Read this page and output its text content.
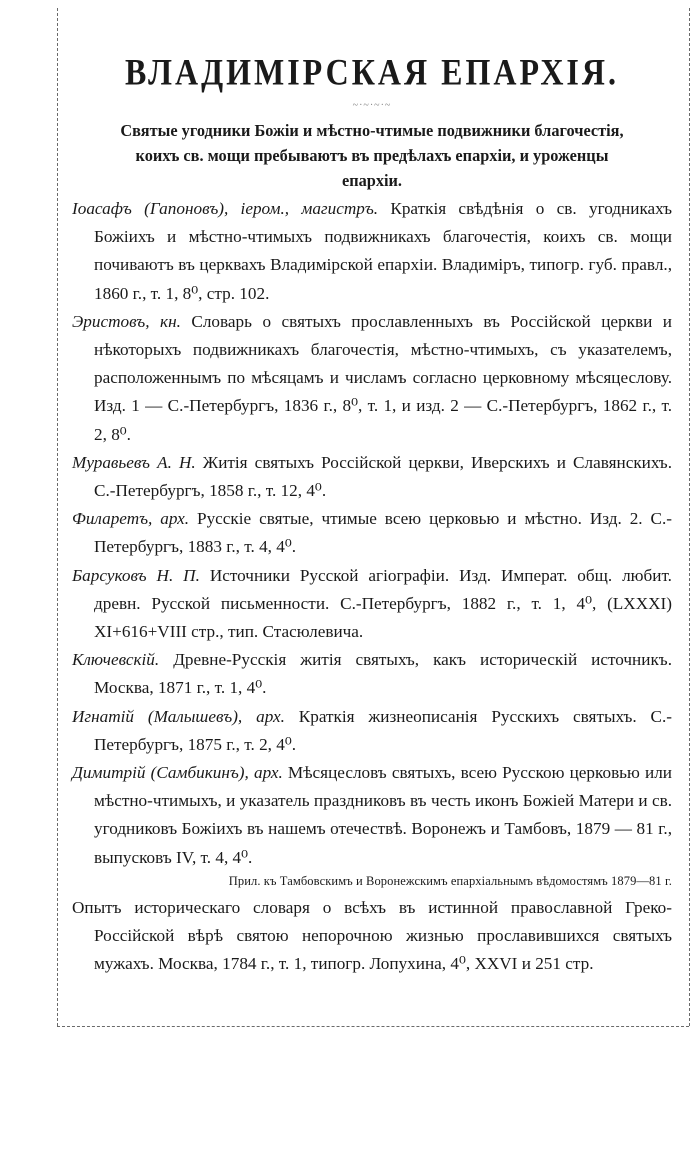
ВЛАДИМІРСКАЯ ЕПАРХІЯ.
~·~·~·~
Святые угодники Божіи и мѣстно-чтимые подвижники благочестія,
коихъ св. мощи пребываютъ въ предѣлахъ епархіи, и уроженцы
епархіи.

Іоасафъ (Гапоновъ), іером., магистръ. Краткія свѣдѣнія о св. угодникахъ Божіихъ и мѣстно-чтимыхъ подвижникахъ благочестія, коихъ св. мощи почиваютъ въ церквахъ Владимірской епархіи. Владиміръ, типогр. губ. правл., 1860 г., т. 1, 8⁰, стр. 102.

Эристовъ, кн. Словарь о святыхъ прославленныхъ въ Россійской церкви и нѣкоторыхъ подвижникахъ благочестія, мѣстно-чтимыхъ, съ указателемъ, расположеннымъ по мѣсяцамъ и числамъ согласно церковному мѣсяцеслову. Изд. 1 — С.-Петербургъ, 1836 г., 8⁰, т. 1, и изд. 2 — С.-Петербургъ, 1862 г., т. 2, 8⁰.

Муравьевъ А. Н. Житія святыхъ Россійской церкви, Иверскихъ и Славянскихъ. С.-Петербургъ, 1858 г., т. 12, 4⁰.

Филаретъ, арх. Русскіе святые, чтимые всею церковью и мѣстно. Изд. 2. С.-Петербургъ, 1883 г., т. 4, 4⁰.

Барсуковъ Н. П. Источники Русской агіографіи. Изд. Императ. общ. любит. древн. Русской письменности. С.-Петербургъ, 1882 г., т. 1, 4⁰, (LXXXI) XI+616+VIII стр., тип. Стасюлевича.

Ключевскій. Древне-Русскія житія святыхъ, какъ историческій источникъ. Москва, 1871 г., т. 1, 4⁰.

Игнатій (Малышевъ), арх. Краткія жизнеописанія Русскихъ святыхъ. С.-Петербургъ, 1875 г., т. 2, 4⁰.

Димитрій (Самбикинъ), арх. Мѣсяцесловъ святыхъ, всею Русскою церковью или мѣстно-чтимыхъ, и указатель праздниковъ въ честь иконъ Божіей Матери и св. угодниковъ Божіихъ въ нашемъ отечествѣ. Воронежъ и Тамбовъ, 1879 — 81 г., выпусковъ IV, т. 4, 4⁰.

Прил. къ Тамбовскимъ и Воронежскимъ епархіальнымъ вѣдомостямъ 1879—81 г.

Опытъ историческаго словаря о всѣхъ въ истинной православной Греко-Россійской вѣрѣ святою непорочною жизнью прославившихся святыхъ мужахъ. Москва, 1784 г., т. 1, типогр. Лопухина, 4⁰, XXVI и 251 стр.
